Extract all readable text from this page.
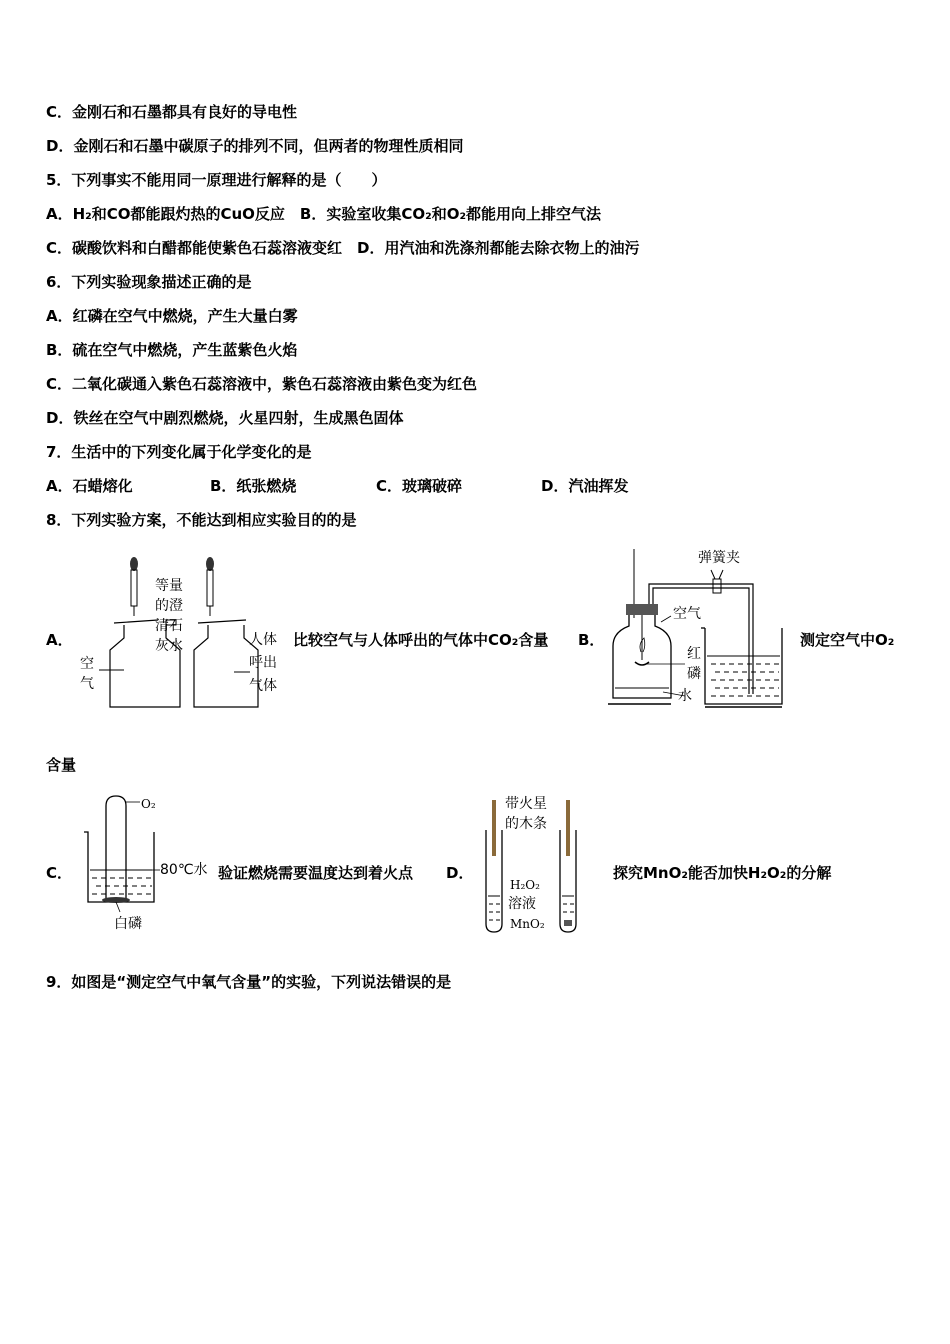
C．金刚石和石墨都具有良好的导电性
D．金刚石和石墨中碳原子的排列不同，但两者的物理性质相同
5．下列事实不能用同一原理进行解释的是（　　）
A．H₂和CO都能跟灼热的CuO反应　B．实验室收集CO₂和O₂都能用向上排空气法
C．碳酸饮料和白醋都能使紫色石蕊溶液变红　D．用汽油和洗涤剂都能去除衣物上的油污
6．下列实验现象描述正确的是
A．红磷在空气中燃烧，产生大量白雾
B．硫在空气中燃烧，产生蓝紫色火焰
C．二氧化碳通入紫色石蕊溶液中，紫色石蕊溶液由紫色变为红色
D．铁丝在空气中剧烈燃烧，火星四射，生成黑色固体
7．生活中的下列变化属于化学变化的是
A．石蜡熔化	B．纸张燃烧	C．玻璃破碎	D．汽油挥发
8．下列实验方案，不能达到相应实验目的的是
A．
等量
的澄
清石
灰水
空
气
人体
呼出
气体
比较空气与人体呼出的气体中CO₂含量 B．
弹簧夹
空气
红
磷
水
测定空气中O₂
含量
C．
O₂
80℃水
白磷
验证燃烧需要温度达到着火点 D．
带火星
的木条
H₂O₂
溶液
MnO₂
探究MnO₂能否加快H₂O₂的分解
9．如图是“测定空气中氧气含量”的实验，下列说法错误的是
